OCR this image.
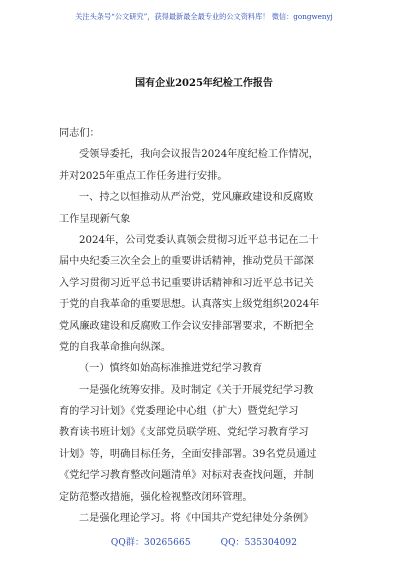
关注头条号“公文研究”，获得最新最全最专业的公文资料库！ 微信：gongwenyj
国有企业2025年纪检工作报告
同志们：
受领导委托，我向会议报告2024年度纪检工作情况，
并对2025年重点工作任务进行安排。
一、持之以恒推动从严治党，党风廉政建设和反腐败
工作呈现新气象
2024年，公司党委认真领会贯彻习近平总书记在二十
届中央纪委三次全会上的重要讲话精神，推动党员干部深
入学习贯彻习近平总书记重要讲话精神和习近平总书记关
于党的自我革命的重要思想。认真落实上级党组织2024年
党风廉政建设和反腐败工作会议安排部署要求，不断把全
党的自我革命推向纵深。
（一）慎终如始高标准推进党纪学习教育
一是强化统筹安排。及时制定《关于开展党纪学习教
育的学习计划》《党委理论中心组（扩大）暨党纪学习
教育读书班计划》《支部党员联学班、党纪学习教育学习
计划》等，明确目标任务，全面安排部署。39名党员通过
《党纪学习教育整改问题清单》对标对表查找问题，并制
定防范整改措施，强化检视整改闭环管理。
二是强化理论学习。将《中国共产党纪律处分条例》
QQ群：30265665	QQ：535304092
